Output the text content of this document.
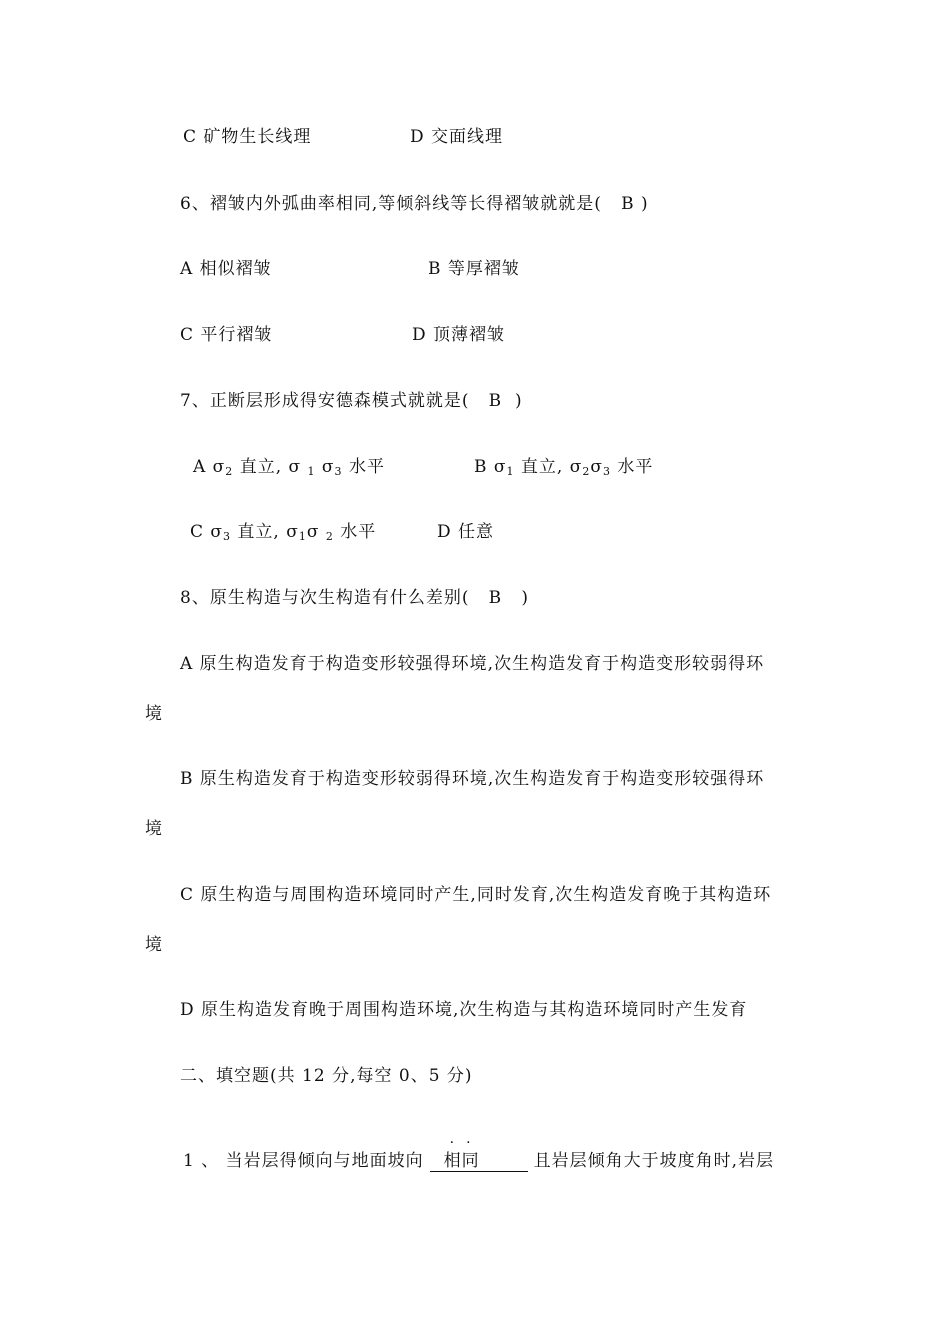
C 矿物生长线理	D 交面线理
6、褶皱内外弧曲率相同,等倾斜线等长得褶皱就就是( B )
A 相似褶皱	B 等厚褶皱
C 平行褶皱	D 顶薄褶皱
7、正断层形成得安德森模式就就是( B )
A $\sigma_2$ 直立, σ $_1$ $\sigma_3$ 水平	B $\sigma_1$ 直立, $\sigma_2\sigma_3$ 水平
C $\sigma_3$ 直立, $\sigma_1\sigma$ $_2$ 水平	D 任意
8、原生构造与次生构造有什么差别( B )
A 原生构造发育于构造变形较强得环境,次生构造发育于构造变形较弱得环
境
B 原生构造发育于构造变形较弱得环境,次生构造发育于构造变形较强得环
境
C 原生构造与周围构造环境同时产生,同时发育,次生构造发育晚于其构造环
境
D 原生构造发育晚于周围构造环境,次生构造与其构造环境同时产生发育
二、填空题(共 12 分,每空 0、5 分)
1 、 当岩层得倾向与地面坡向
··
相同	且岩层倾角大于坡度角时,岩层
